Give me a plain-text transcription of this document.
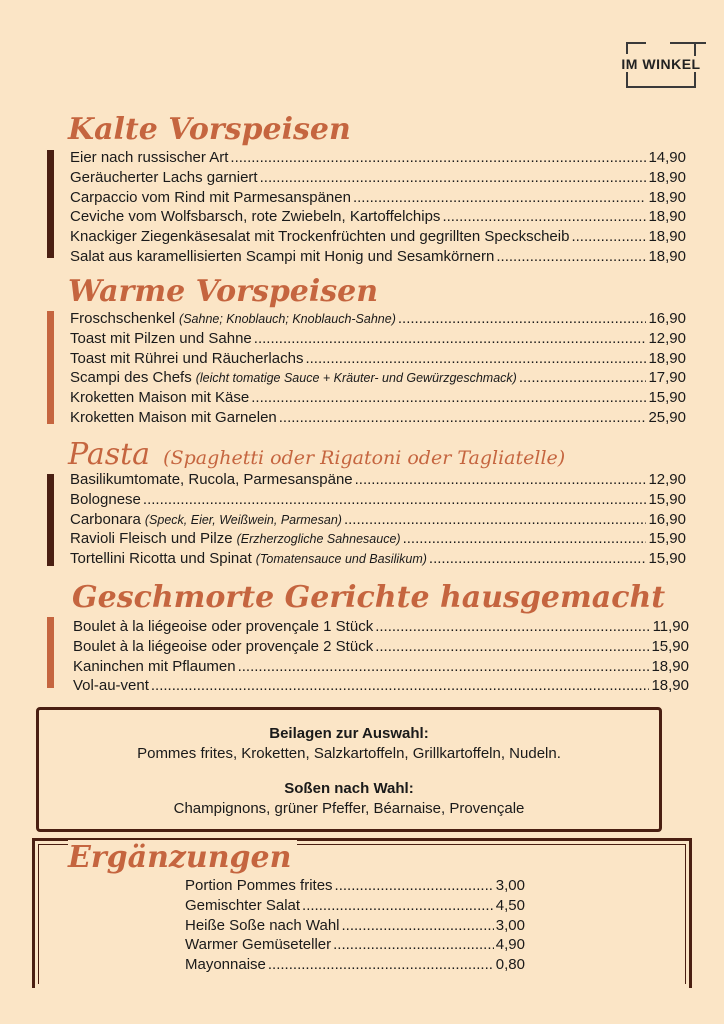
IM WINKEL
Kalte Vorspeisen
Eier nach russischer Art .....	14,90
Geräucherter Lachs garniert .....	18,90
Carpaccio vom Rind mit Parmesanspänen .....	18,90
Ceviche vom Wolfsbarsch, rote Zwiebeln, Kartoffelchips .....	18,90
Knackiger Ziegenkäsesalat mit Trockenfrüchten und gegrillten Speckscheib .....	18,90
Salat aus karamellisierten Scampi mit Honig und Sesamkörnern .....	18,90
Warme Vorspeisen
Froschschenkel (Sahne; Knoblauch; Knoblauch-Sahne) .....	16,90
Toast mit Pilzen und Sahne .....	12,90
Toast mit Rührei und Räucherlachs .....	18,90
Scampi des Chefs (leicht tomatige Sauce + Kräuter- und Gewürzgeschmack) .....	17,90
Kroketten Maison mit Käse .....	15,90
Kroketten Maison mit Garnelen .....	25,90
Pasta (Spaghetti oder Rigatoni oder Tagliatelle)
Basilikumtomate, Rucola, Parmesanspäne .....	12,90
Bolognese .....	15,90
Carbonara (Speck, Eier, Weißwein, Parmesan) .....	16,90
Ravioli Fleisch und Pilze (Erzherzogliche Sahnesauce) .....	15,90
Tortellini Ricotta und Spinat (Tomatensauce und Basilikum) .....	15,90
Geschmorte Gerichte hausgemacht
Boulet à la liégeoise oder provençale 1 Stück .....	11,90
Boulet à la liégeoise oder provençale 2 Stück .....	15,90
Kaninchen mit Pflaumen .....	18,90
Vol-au-vent .....	18,90

Beilagen zur Auswahl:

Pommes frites, Kroketten, Salzkartoffeln, Grillkartoffeln, Nudeln.

Soßen nach Wahl:

Champignons, grüner Pfeffer, Béarnaise, Provençale

Ergänzungen
Portion Pommes frites .....	3,00
Gemischter Salat .....	4,50
Heiße Soße nach Wahl .....	3,00
Warmer Gemüseteller .....	4,90
Mayonnaise .....	0,80
